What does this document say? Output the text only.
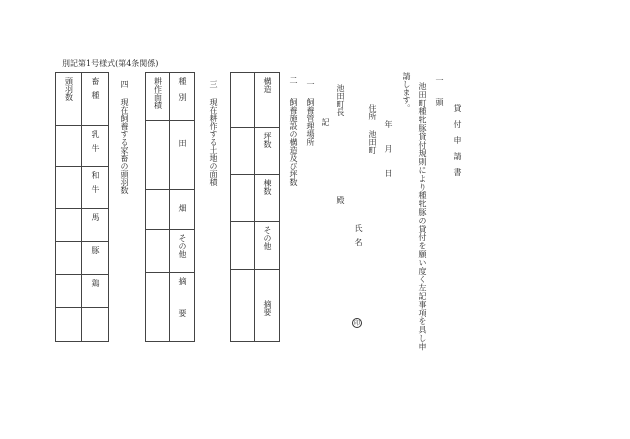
別記第1号様式(第4条関係)
一
頭
貸付申請書
池田町種牝豚貸付規則により種牝豚の貸付を願い度く左記事項を具し申
請します。
年 月 日
住所
池田町
氏名
印
池田町長
殿
記
一
飼養管理場所
二
飼養施設の構造及び坪数
構造
坪数
棟数
その他
摘要
三
現在耕作する土地の面積
耕作面積 種別
田
畑
その他
摘要
四
現在飼養する家畜の頭羽数
頭羽数 畜種
乳牛
和牛
馬
豚
鶏
